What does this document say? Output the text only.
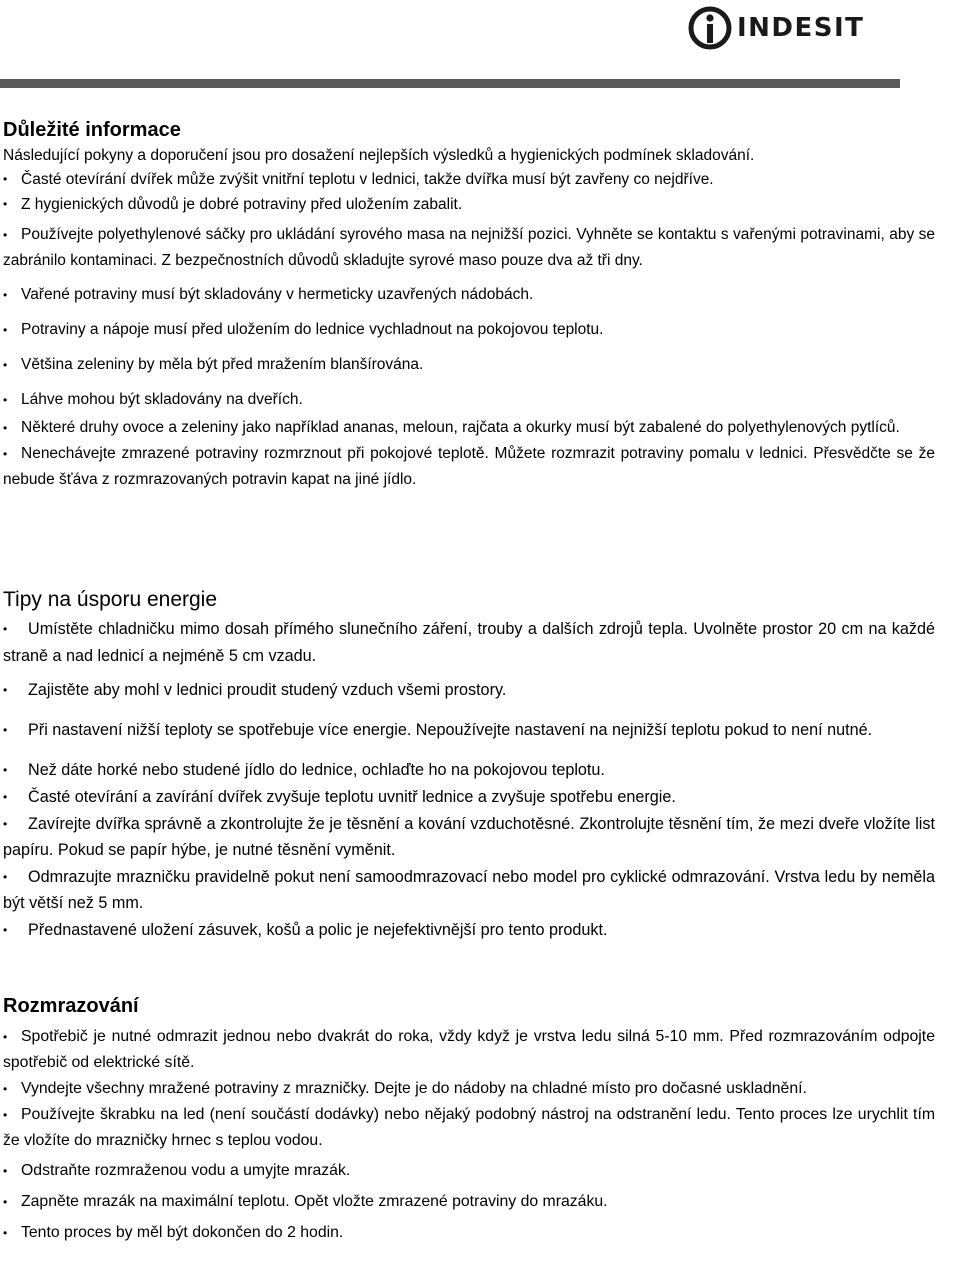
INDESIT
Důležité informace

Následující pokyny a doporučení jsou pro dosažení nejlepších výsledků a hygienických podmínek skladování.

• Časté otevírání dvířek může zvýšit vnitřní teplotu v lednici, takže dvířka musí být zavřeny co nejdříve.
• Z hygienických důvodů je dobré potraviny před uložením zabalit.
• Používejte polyethylenové sáčky pro ukládání syrového masa na nejnižší pozici. Vyhněte se kontaktu s vařenými potravinami, aby se zabránilo kontaminaci. Z bezpečnostních důvodů skladujte syrové maso pouze dva až tři dny.
• Vařené potraviny musí být skladovány v hermeticky uzavřených nádobách.
• Potraviny a nápoje musí před uložením do lednice vychladnout na pokojovou teplotu.
• Většina zeleniny by měla být před mražením blanšírována.
• Láhve mohou být skladovány na dveřích.
• Některé druhy ovoce a zeleniny jako například ananas, meloun, rajčata a okurky musí být zabalené do polyethylenových pytlíců.
• Nenechávejte zmrazené potraviny rozmrznout při pokojové teplotě. Můžete rozmrazit potraviny pomalu v lednici. Přesvědčte se že nebude šťáva z rozmrazovaných potravin kapat na jiné jídlo.
Tipy na úsporu energie
• Umístěte chladničku mimo dosah přímého slunečního záření, trouby a dalších zdrojů tepla. Uvolněte prostor 20 cm na každé straně a nad lednicí a nejméně 5 cm vzadu.
• Zajistěte aby mohl v lednici proudit studený vzduch všemi prostory.
• Při nastavení nižší teploty se spotřebuje více energie. Nepoužívejte nastavení na nejnižší teplotu pokud to není nutné.
• Než dáte horké nebo studené jídlo do lednice, ochlaďte ho na pokojovou teplotu.
• Časté otevírání a zavírání dvířek zvyšuje teplotu uvnitř lednice a zvyšuje spotřebu energie.
• Zavírejte dvířka správně a zkontrolujte že je těsnění a kování vzduchotěsné. Zkontrolujte těsnění tím, že mezi dveře vložíte list papíru. Pokud se papír hýbe, je nutné těsnění vyměnit.
• Odmrazujte mrazničku pravidelně pokut není samoodmrazovací nebo model pro cyklické odmrazování. Vrstva ledu by neměla být větší než 5 mm.
• Přednastavené uložení zásuvek, košů a polic je nejefektivnější pro tento produkt.
Rozmrazování
• Spotřebič je nutné odmrazit jednou nebo dvakrát do roka, vždy když je vrstva ledu silná 5-10 mm. Před rozmrazováním odpojte spotřebič od elektrické sítě.
• Vyndejte všechny mražené potraviny z mrazničky. Dejte je do nádoby na chladné místo pro dočasné uskladnění.
• Používejte škrabku na led (není součástí dodávky) nebo nějaký podobný nástroj na odstranění ledu. Tento proces lze urychlit tím že vložíte do mrazničky hrnec s teplou vodou.
• Odstraňte rozmraženou vodu a umyjte mrazák.
• Zapněte mrazák na maximální teplotu. Opět vložte zmrazené potraviny do mrazáku.
• Tento proces by měl být dokončen do 2 hodin.
